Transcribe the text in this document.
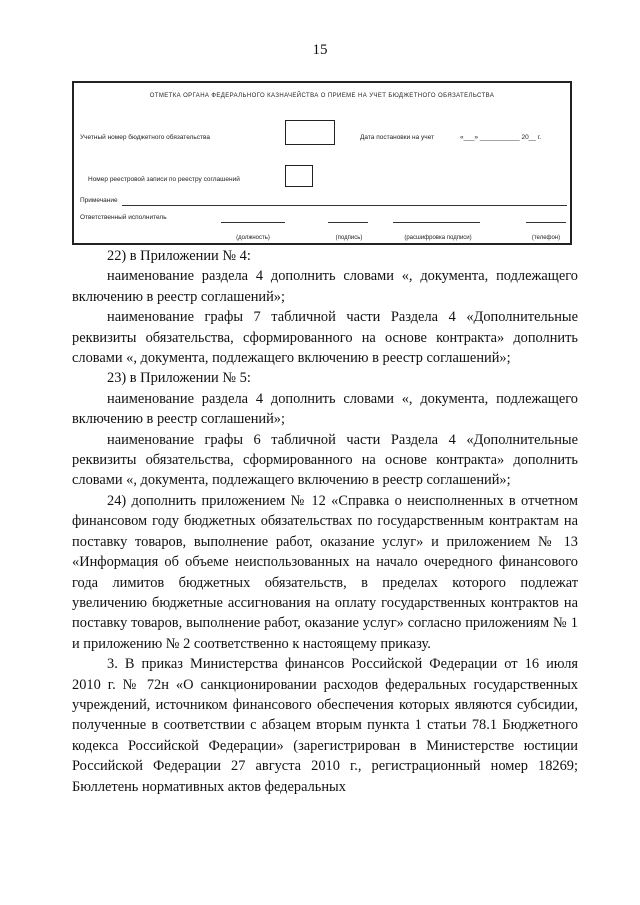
15
ОТМЕТКА ОРГАНА ФЕДЕРАЛЬНОГО КАЗНАЧЕЙСТВА О ПРИЕМЕ НА УЧЕТ БЮДЖЕТНОГО ОБЯЗАТЕЛЬСТВА
Учетный номер бюджетного обязательства	Дата постановки на учет	«___» ___________ 20__ г.
Номер реестровой записи по реестру соглашений
Примечание
Ответственный исполнитель
(должность)	(подпись)	(расшифровка подписи)	(телефон)

22) в Приложении № 4:

наименование раздела 4 дополнить словами «, документа, подлежащего включению в реестр соглашений»;

наименование графы 7 табличной части Раздела 4 «Дополнительные реквизиты обязательства, сформированного на основе контракта» дополнить словами «, документа, подлежащего включению в реестр соглашений»;

23) в Приложении № 5:

наименование раздела 4 дополнить словами «, документа, подлежащего включению в реестр соглашений»;

наименование графы 6 табличной части Раздела 4 «Дополнительные реквизиты обязательства, сформированного на основе контракта» дополнить словами «, документа, подлежащего включению в реестр соглашений»;

24) дополнить приложением № 12 «Справка о неисполненных в отчетном финансовом году бюджетных обязательствах по государственным контрактам на поставку товаров, выполнение работ, оказание услуг» и приложением № 13 «Информация об объеме неиспользованных на начало очередного финансового года лимитов бюджетных обязательств, в пределах которого подлежат увеличению бюджетные ассигнования на оплату государственных контрактов на поставку товаров, выполнение работ, оказание услуг» согласно приложениям № 1 и приложению № 2 соответственно к настоящему приказу.

3. В приказ Министерства финансов Российской Федерации от 16 июля 2010 г. № 72н «О санкционировании расходов федеральных государственных учреждений, источником финансового обеспечения которых являются субсидии, полученные в соответствии с абзацем вторым пункта 1 статьи 78.1 Бюджетного кодекса Российской Федерации» (зарегистрирован в Министерстве юстиции Российской Федерации 27 августа 2010 г., регистрационный номер 18269; Бюллетень нормативных актов федеральных
